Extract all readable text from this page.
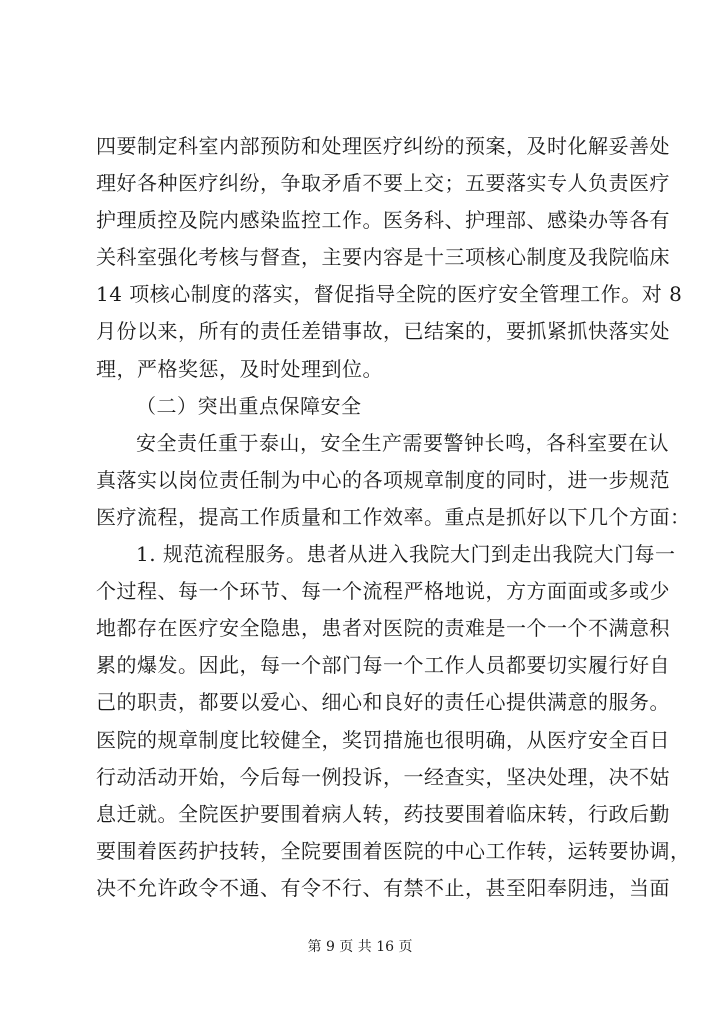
四要制定科室内部预防和处理医疗纠纷的预案，及时化解妥善处
理好各种医疗纠纷，争取矛盾不要上交；五要落实专人负责医疗
护理质控及院内感染监控工作。医务科、护理部、感染办等各有
关科室强化考核与督查，主要内容是十三项核心制度及我院临床
14 项核心制度的落实，督促指导全院的医疗安全管理工作。对 8
月份以来，所有的责任差错事故，已结案的，要抓紧抓快落实处
理，严格奖惩，及时处理到位。
（二）突出重点保障安全
安全责任重于泰山，安全生产需要警钟长鸣，各科室要在认
真落实以岗位责任制为中心的各项规章制度的同时，进一步规范
医疗流程，提高工作质量和工作效率。重点是抓好以下几个方面：
1. 规范流程服务。患者从进入我院大门到走出我院大门每一
个过程、每一个环节、每一个流程严格地说，方方面面或多或少
地都存在医疗安全隐患，患者对医院的责难是一个一个不满意积
累的爆发。因此，每一个部门每一个工作人员都要切实履行好自
己的职责，都要以爱心、细心和良好的责任心提供满意的服务。
医院的规章制度比较健全，奖罚措施也很明确，从医疗安全百日
行动活动开始，今后每一例投诉，一经查实，坚决处理，决不姑
息迁就。全院医护要围着病人转，药技要围着临床转，行政后勤
要围着医药护技转，全院要围着医院的中心工作转，运转要协调，
决不允许政令不通、有令不行、有禁不止，甚至阳奉阴违，当面
第 9 页 共 16 页
